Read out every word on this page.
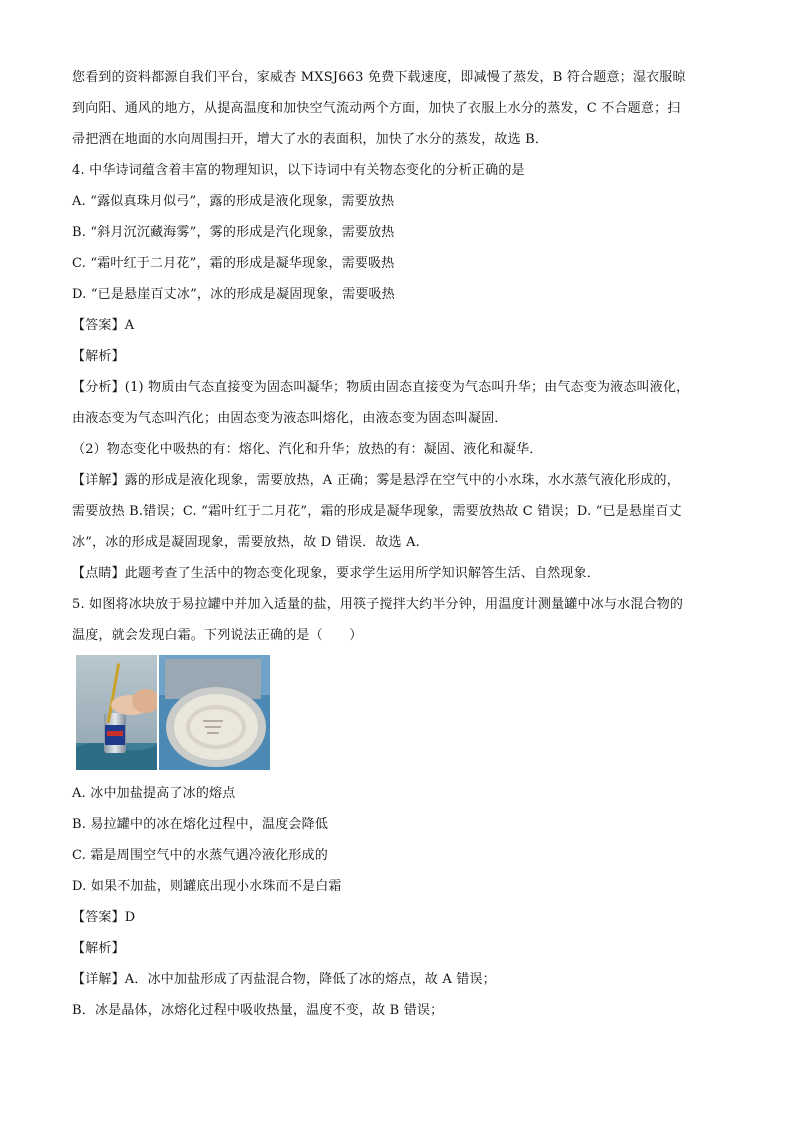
您看到的资料都源自我们平台，家威杏 MXSJ663 免费下载速度，即减慢了蒸发，B 符合题意；湿衣服晾
到向阳、通风的地方，从提高温度和加快空气流动两个方面，加快了衣服上水分的蒸发，C 不合题意；扫
帚把洒在地面的水向周围扫开，增大了水的表面积，加快了水分的蒸发，故选 B．
4. 中华诗词蕴含着丰富的物理知识，以下诗词中有关物态变化的分析正确的是
A. “露似真珠月似弓”，露的形成是液化现象，需要放热
B. “斜月沉沉藏海雾”，雾的形成是汽化现象，需要放热
C. “霜叶红于二月花”，霜的形成是凝华现象，需要吸热
D. “已是悬崖百丈冰”，冰的形成是凝固现象，需要吸热
【答案】A
【解析】
【分析】(1) 物质由气态直接变为固态叫凝华；物质由固态直接变为气态叫升华；由气态变为液态叫液化，
由液态变为气态叫汽化；由固态变为液态叫熔化，由液态变为固态叫凝固．
（2）物态变化中吸热的有：熔化、汽化和升华；放热的有：凝固、液化和凝华．
【详解】露的形成是液化现象，需要放热，A 正确；雾是悬浮在空气中的小水珠，水水蒸气液化形成的，
需要放热 B.错误；C. “霜叶红于二月花”，霜的形成是凝华现象，需要放热故 C 错误；D. “已是悬崖百丈
冰”，冰的形成是凝固现象，需要放热，故 D 错误．故选 A.
【点睛】此题考查了生活中的物态变化现象，要求学生运用所学知识解答生活、自然现象．
5. 如图将冰块放于易拉罐中并加入适量的盐，用筷子搅拌大约半分钟，用温度计测量罐中冰与水混合物的
温度，就会发现白霜。下列说法正确的是（　　）
A. 冰中加盐提高了冰的熔点
B. 易拉罐中的冰在熔化过程中，温度会降低
C. 霜是周围空气中的水蒸气遇冷液化形成的
D. 如果不加盐，则罐底出现小水珠而不是白霜
【答案】D
【解析】
【详解】A．冰中加盐形成了丙盐混合物，降低了冰的熔点，故 A 错误；
B．冰是晶体，冰熔化过程中吸收热量，温度不变，故 B 错误；
